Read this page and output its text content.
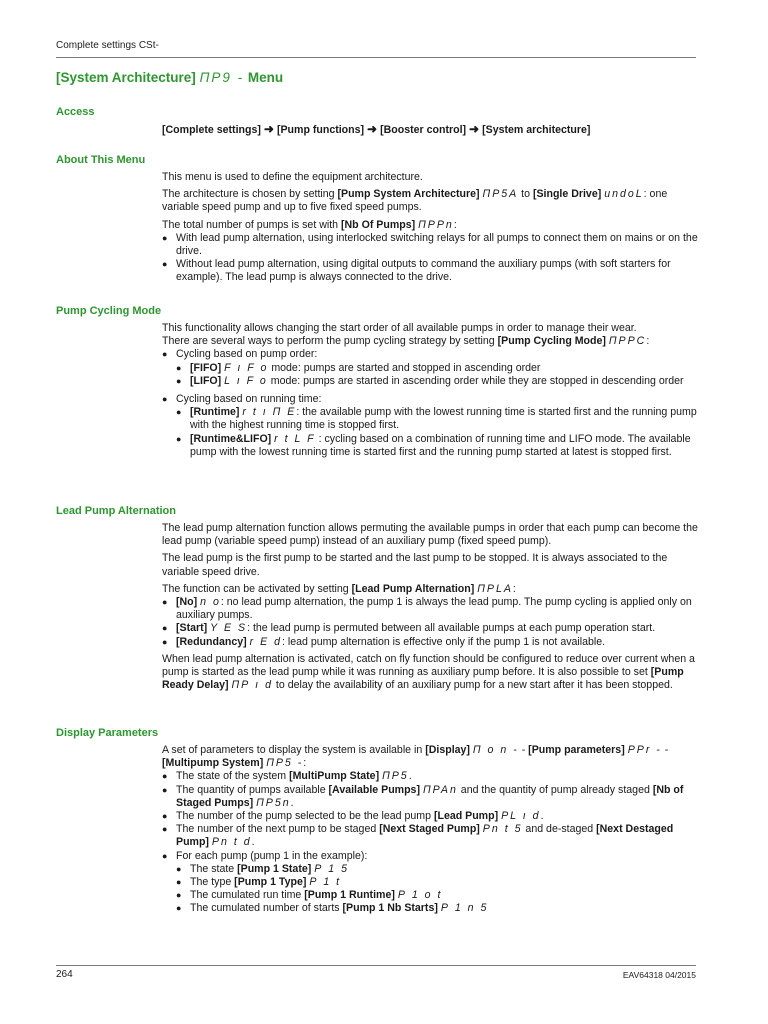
Complete settings CSt-
[System Architecture] ΠΡ9 - Menu
Access

[Complete settings] ➜ [Pump functions] ➜ [Booster control] ➜ [System architecture]

About This Menu

This menu is used to define the equipment architecture.

The architecture is chosen by setting [Pump System Architecture] ΠΡ5Α to [Single Drive] undoL: one variable speed pump and up to five fixed speed pumps.

The total number of pumps is set with [Nb Of Pumps] ΠΡΡn:

● With lead pump alternation, using interlocked switching relays for all pumps to connect them on mains or on the drive.
● Without lead pump alternation, using digital outputs to command the auxiliary pumps (with soft starters for example). The lead pump is always connected to the drive.
Pump Cycling Mode

This functionality allows changing the start order of all available pumps in order to manage their wear.

There are several ways to perform the pump cycling strategy by setting [Pump Cycling Mode] ΠΡΡC:

● Cycling based on pump order:
● [FIFO] F ı F o mode: pumps are started and stopped in ascending order
● [LIFO] L ı F o mode: pumps are started in ascending order while they are stopped in descending order
● Cycling based on running time:
● [Runtime] r t ı Π E: the available pump with the lowest running time is started first and the running pump with the highest running time is stopped first.
● [Runtime&LIFO] r t L F : cycling based on a combination of running time and LIFO mode. The available pump with the lowest running time is started first and the running pump started at latest is stopped first.
Lead Pump Alternation

The lead pump alternation function allows permuting the available pumps in order that each pump can become the lead pump (variable speed pump) instead of an auxiliary pump (fixed speed pump).

The lead pump is the first pump to be started and the last pump to be stopped. It is always associated to the variable speed drive.

The function can be activated by setting [Lead Pump Alternation] ΠΡLΑ:

● [No] n o: no lead pump alternation, the pump 1 is always the lead pump. The pump cycling is applied only on auxiliary pumps.
● [Start] Y E S: the lead pump is permuted between all available pumps at each pump operation start.
● [Redundancy] r E d: lead pump alternation is effective only if the pump 1 is not available.

When lead pump alternation is activated, catch on fly function should be configured to reduce over current when a pump is started as the lead pump while it was running as auxiliary pump before. It is also possible to set [Pump Ready Delay] ΠΡ ı d to delay the availability of an auxiliary pump for a new start after it has been stopped.

Display Parameters

A set of parameters to display the system is available in [Display] Π o n - - [Pump parameters] ΡΡr - - [Multipump System] ΠΡ5 -:

● The state of the system [MultiPump State] ΠΡ5.
● The quantity of pumps available [Available Pumps] ΠΡΑn and the quantity of pump already staged [Nb of Staged Pumps] ΠΡ5n.
● The number of the pump selected to be the lead pump [Lead Pump] ΡL ı d.
● The number of the next pump to be staged [Next Staged Pump] Ρn t 5 and de-staged [Next Destaged Pump] Ρn t d.
● For each pump (pump 1 in the example):
● The state [Pump 1 State] Ρ 1 5
● The type [Pump 1 Type] Ρ 1 t
● The cumulated run time [Pump 1 Runtime] Ρ 1 o t
● The cumulated number of starts [Pump 1 Nb Starts] Ρ 1 n 5
264	EAV64318 04/2015
